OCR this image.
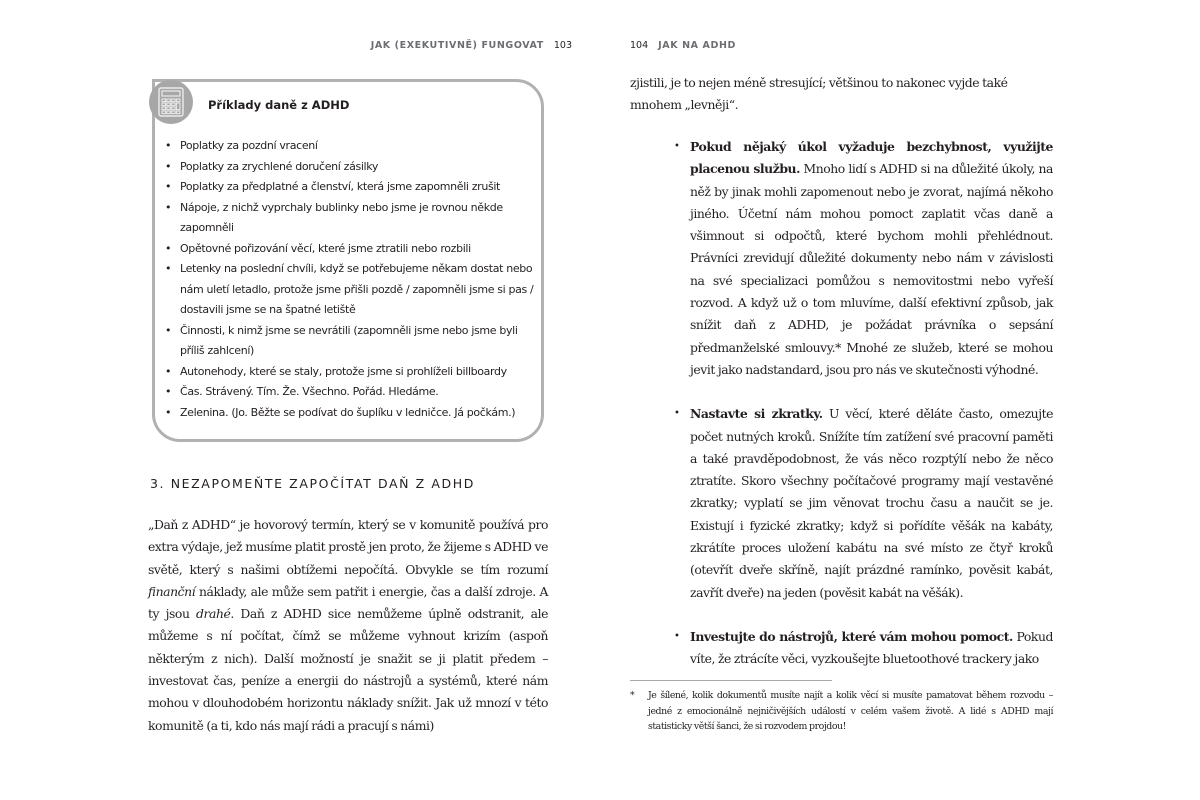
JAK (EXEKUTIVNĚ) FUNGOVAT 103
Příklady daně z ADHD
• Poplatky za pozdní vracení
• Poplatky za zrychlené doručení zásilky
• Poplatky za předplatné a členství, která jsme zapomněli zrušit
• Nápoje, z nichž vyprchaly bublinky nebo jsme je rovnou někde zapomněli
• Opětovné pořizování věcí, které jsme ztratili nebo rozbili
• Letenky na poslední chvíli, když se potřebujeme někam dostat nebo nám uletí letadlo, protože jsme přišli pozdě / zapomněli jsme si pas / dostavili jsme se na špatné letiště
• Činnosti, k nimž jsme se nevrátili (zapomněli jsme nebo jsme byli příliš zahlcení)
• Autonehody, které se staly, protože jsme si prohlíželi billboardy
• Čas. Strávený. Tím. Že. Všechno. Pořád. Hledáme.
• Zelenina. (Jo. Běžte se podívat do šuplíku v ledničce. Já počkám.)
3. NEZAPOMEŇTE ZAPOČÍTAT DAŇ Z ADHD

„Daň z ADHD“ je hovorový termín, který se v komunitě používá pro extra výdaje, jež musíme platit prostě jen proto, že žijeme s ADHD ve světě, který s našimi obtížemi nepočítá. Obvykle se tím rozumí finanční náklady, ale může sem patřit i energie, čas a další zdroje. A ty jsou drahé. Daň z ADHD sice nemůžeme úplně odstranit, ale můžeme s ní počítat, čímž se můžeme vyhnout krizím (aspoň některým z nich). Další možností je snažit se ji platit předem – investovat čas, peníze a energii do nástrojů a systémů, které nám mohou v dlouhodobém horizontu náklady snížit. Jak už mnozí v této komunitě (a ti, kdo nás mají rádi a pracují s námi)

104 JAK NA ADHD

zjistili, je to nejen méně stresující; většinou to nakonec vyjde také mnohem „levněji“.

• Pokud nějaký úkol vyžaduje bezchybnost, využijte placenou službu. Mnoho lidí s ADHD si na důležité úkoly, na něž by jinak mohli zapomenout nebo je zvorat, najímá někoho jiného. Účetní nám mohou pomoct zaplatit včas daně a všimnout si odpočtů, které bychom mohli přehlédnout. Právníci zrevidují důležité dokumenty nebo nám v závislosti na své specializaci pomůžou s nemovitostmi nebo vyřeší rozvod. A když už o tom mluvíme, další efektivní způsob, jak snížit daň z ADHD, je požádat právníka o sepsání předmanželské smlouvy.* Mnohé ze služeb, které se mohou jevit jako nadstandard, jsou pro nás ve skutečnosti výhodné.
• Nastavte si zkratky. U věcí, které děláte často, omezujte počet nutných kroků. Snížíte tím zatížení své pracovní paměti a také pravděpodobnost, že vás něco rozptýlí nebo že něco ztratíte. Skoro všechny počítačové programy mají vestavěné zkratky; vyplatí se jim věnovat trochu času a naučit se je. Existují i fyzické zkratky; když si pořídíte věšák na kabáty, zkrátíte proces uložení kabátu na své místo ze čtyř kroků (otevřít dveře skříně, najít prázdné ramínko, pověsit kabát, zavřít dveře) na jeden (pověsit kabát na věšák).
• Investujte do nástrojů, které vám mohou pomoct. Pokud víte, že ztrácíte věci, vyzkoušejte bluetoothové trackery jako
*	Je šílené, kolik dokumentů musíte najít a kolik věcí si musíte pamatovat během rozvodu – jedné z emocionálně nejničivějších událostí v celém vašem životě. A lidé s ADHD mají statisticky větší šanci, že si rozvodem projdou!
